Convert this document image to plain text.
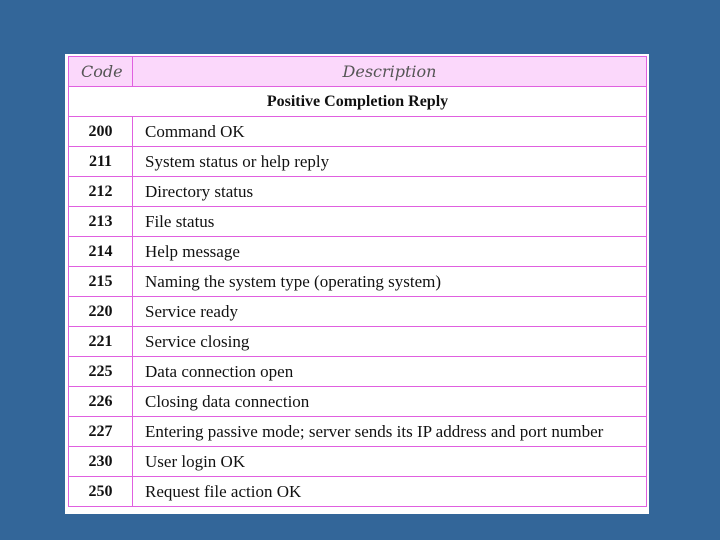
Code	Description
Positive Completion Reply	
200	Command OK
211	System status or help reply
212	Directory status
213	File status
214	Help message
215	Naming the system type (operating system)
220	Service ready
221	Service closing
225	Data connection open
226	Closing data connection
227	Entering passive mode; server sends its IP address and port number
230	User login OK
250	Request file action OK
